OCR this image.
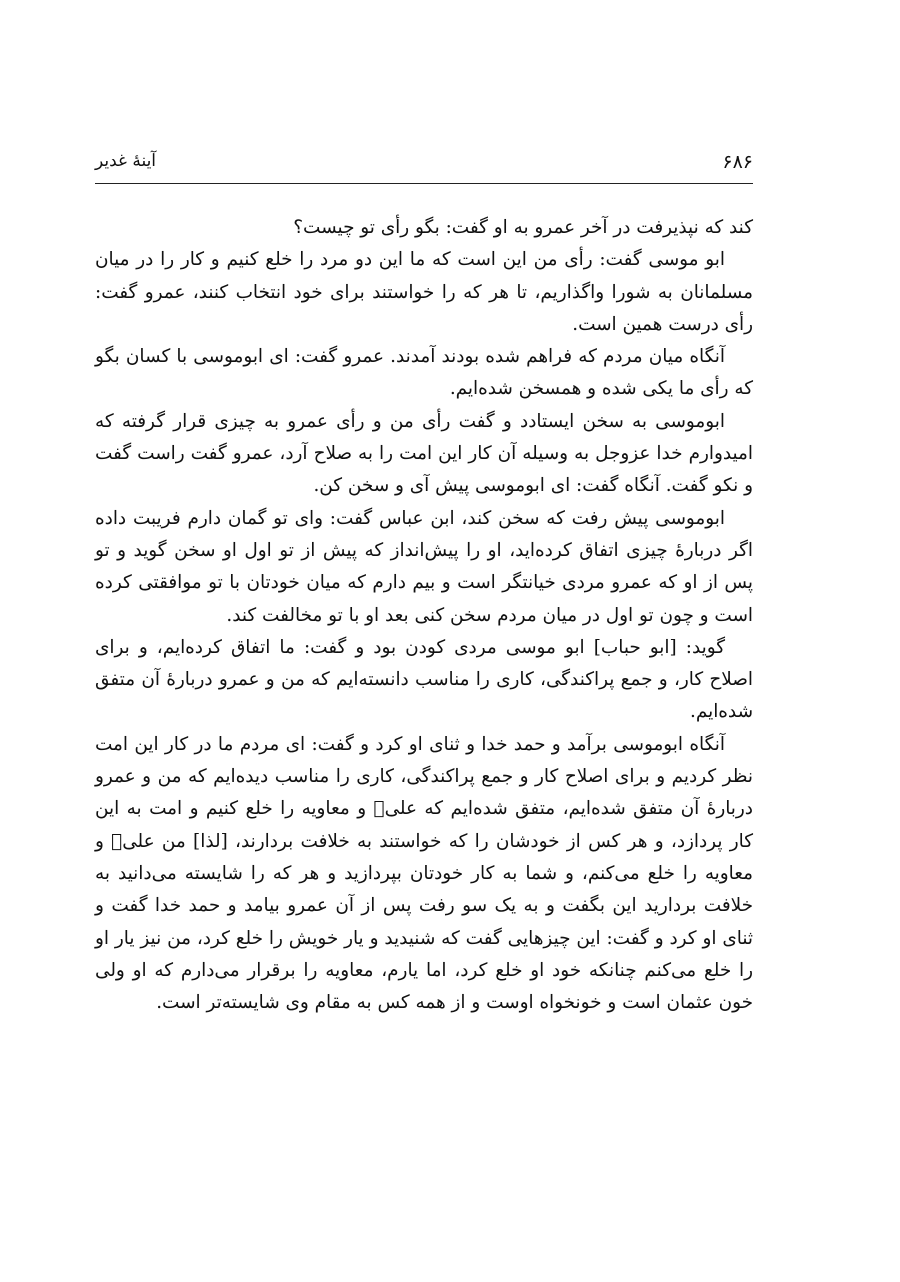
۶۸۶
آینهٔ غدیر

کند که نپذیرفت در آخر عمرو به او گفت: بگو رأی تو چیست؟

ابو موسی گفت: رأی من این است که ما این دو مرد را خلع کنیم و کار را در میان مسلمانان به شورا واگذاریم، تا هر که را خواستند برای خود انتخاب کنند، عمرو گفت: رأی درست همین است.

آنگاه میان مردم که فراهم شده بودند آمدند. عمرو گفت: ای ابوموسی با کسان بگو که رأی ما یکی شده و همسخن شده‌ایم.

ابوموسی به سخن ایستادد و گفت رأی من و رأی عمرو به چیزی قرار گرفته که امیدوارم خدا عزوجل به وسیله آن کار این امت را به صلاح آرد، عمرو گفت راست گفت و نکو گفت. آنگاه گفت: ای ابوموسی پیش آی و سخن کن.

ابوموسی پیش رفت که سخن کند، ابن عباس گفت: وای تو گمان دارم فریبت داده اگر دربارهٔ چیزی اتفاق کرده‌اید، او را پیش‌انداز که پیش از تو اول او سخن گوید و تو پس از او که عمرو مردی خیانتگر است و بیم دارم که میان خودتان با تو موافقتی کرده است و چون تو اول در میان مردم سخن کنی بعد او با تو مخالفت کند.

گوید: [ابو حباب] ابو موسی مردی کودن بود و گفت: ما اتفاق کرده‌ایم، و برای اصلاح کار، و جمع پراکندگی، کاری را مناسب دانسته‌ایم که من و عمرو دربارهٔ آن متفق شده‌ایم.

آنگاه ابوموسی برآمد و حمد خدا و ثنای او کرد و گفت: ای مردم ما در کار این امت نظر کردیم و برای اصلاح کار و جمع پراکندگی، کاری را مناسب دیده‌ایم که من و عمرو دربارهٔ آن متفق شده‌ایم، متفق شده‌ایم که علی﷣ و معاویه را خلع کنیم و امت به این کار پردازد، و هر کس از خودشان را که خواستند به خلافت بردارند، [لذا] من علی﷣ و معاویه را خلع می‌کنم، و شما به کار خودتان بپردازید و هر که را شایسته می‌دانید به خلافت بردارید این بگفت و به یک سو رفت پس از آن عمرو بیامد و حمد خدا گفت و ثنای او کرد و گفت: این چیزهایی گفت که شنیدید و یار خویش را خلع کرد، من نیز یار او را خلع می‌کنم چنانکه خود او خلع کرد، اما یارم، معاویه را برقرار می‌دارم که او ولی خون عثمان است و خونخواه اوست و از همه کس به مقام وی شایسته‌تر است.
